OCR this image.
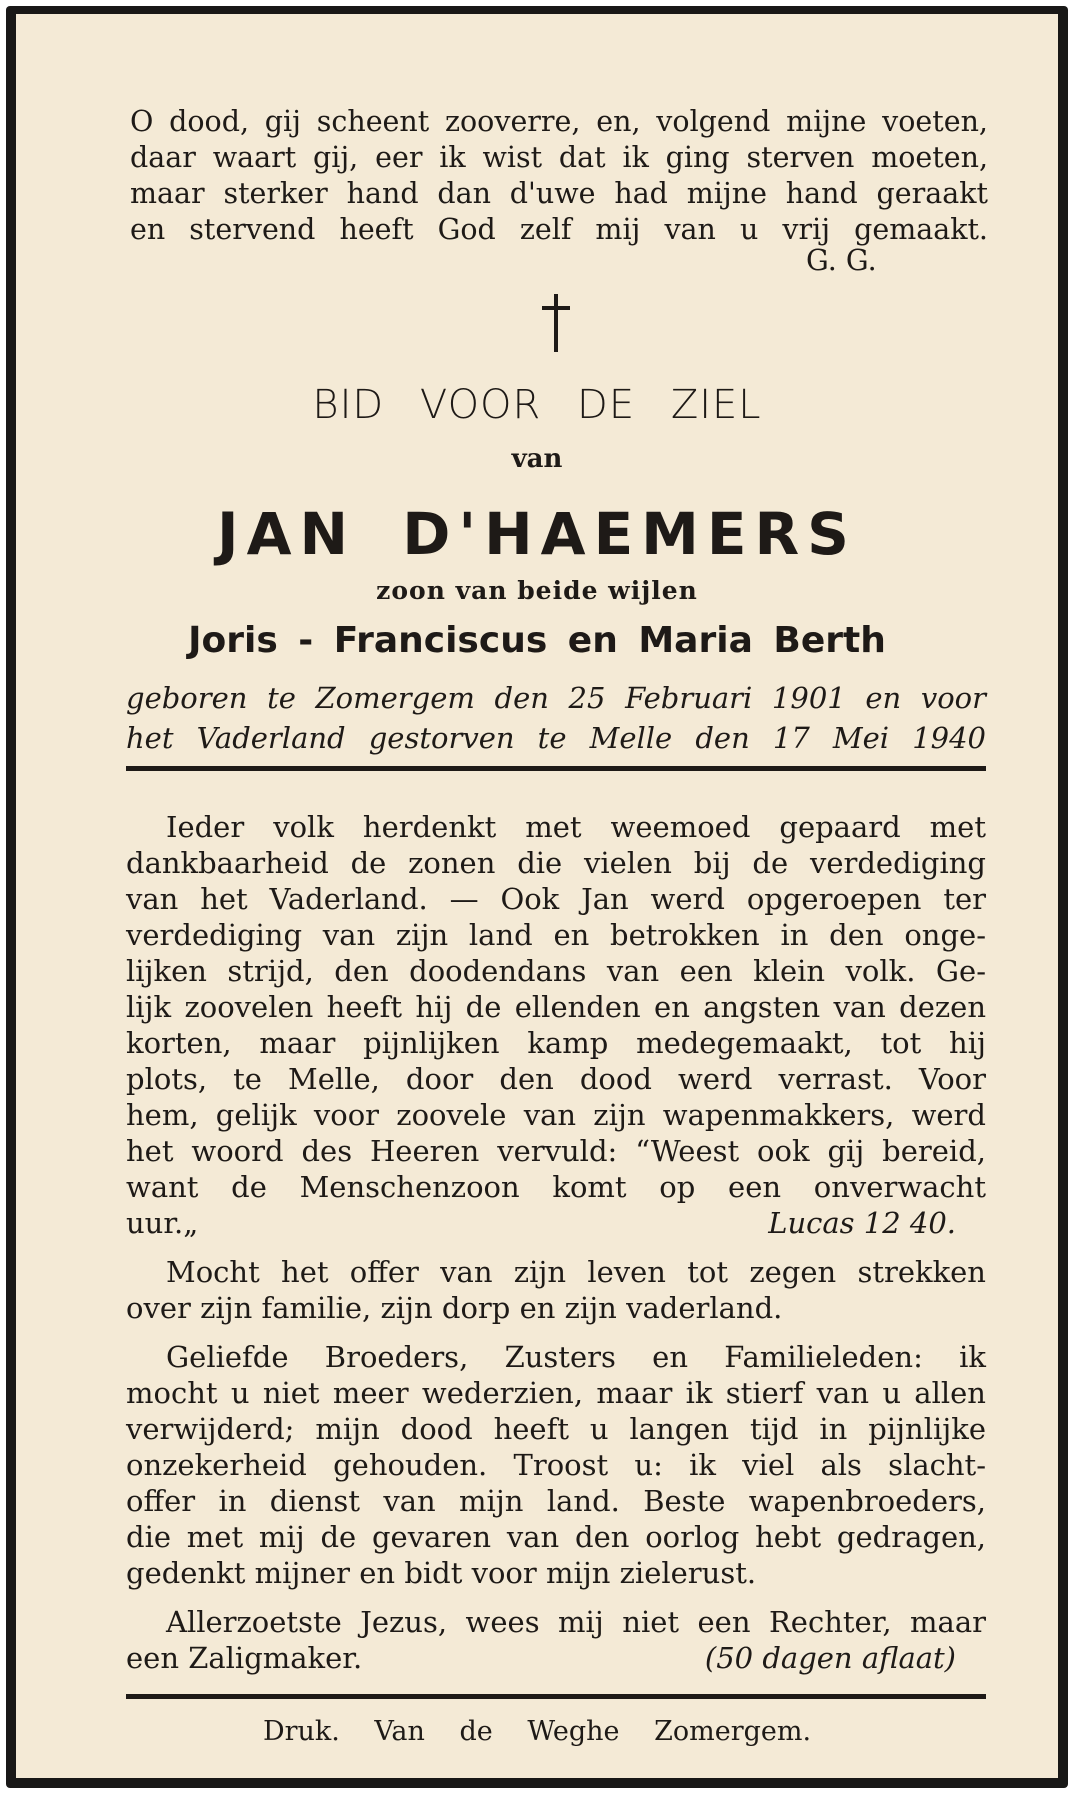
O dood, gij scheent zooverre, en, volgend mijne voeten,
daar waart gij, eer ik wist dat ik ging sterven moeten,
maar sterker hand dan d'uwe had mijne hand geraakt
en stervend heeft God zelf mij van u vrij gemaakt.
G. G.
BID VOOR DE ZIEL
van
JAN D'HAEMERS
zoon van beide wijlen
Joris - Franciscus en Maria Berth
geboren te Zomergem den 25 Februari 1901 en voor
het Vaderland gestorven te Melle den 17 Mei 1940
Ieder volk herdenkt met weemoed gepaard met
dankbaarheid de zonen die vielen bij de verdediging
van het Vaderland. — Ook Jan werd opgeroepen ter
verdediging van zijn land en betrokken in den onge-
lijken strijd, den doodendans van een klein volk. Ge-
lijk zoovelen heeft hij de ellenden en angsten van dezen
korten, maar pijnlijken kamp medegemaakt, tot hij
plots, te Melle, door den dood werd verrast. Voor
hem, gelijk voor zoovele van zijn wapenmakkers, werd
het woord des Heeren vervuld: “Weest ook gij bereid,
want de Menschenzoon komt op een onverwacht
uur.„	Lucas 12 40.
Mocht het offer van zijn leven tot zegen strekken
over zijn familie, zijn dorp en zijn vaderland.
Geliefde Broeders, Zusters en Familieleden: ik
mocht u niet meer wederzien, maar ik stierf van u allen
verwijderd; mijn dood heeft u langen tijd in pijnlijke
onzekerheid gehouden. Troost u: ik viel als slacht-
offer in dienst van mijn land. Beste wapenbroeders,
die met mij de gevaren van den oorlog hebt gedragen,
gedenkt mijner en bidt voor mijn zielerust.
Allerzoetste Jezus, wees mij niet een Rechter, maar
een Zaligmaker.	(50 dagen aflaat)
Druk. Van de Weghe Zomergem.
